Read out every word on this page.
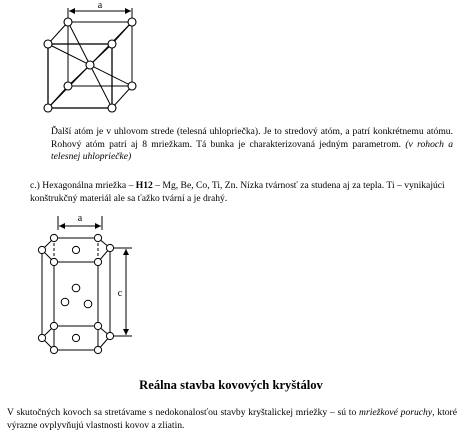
a

Ďalší atóm je v uhlovom strede (telesná uhlopriečka). Je to stredový atóm, a patrí konkrétnemu atómu. Rohový atóm patrí aj 8 mriežkam. Tá bunka je charakterizovaná jedným parametrom. (v rohoch a telesnej uhlopriečke)

c.) Hexagonálna mriežka – H12 – Mg, Be, Co, Ti, Zn. Nízka tvárnosť za studena aj za tepla. Ti – vynikajúci konštrukčný materiál ale sa ťažko tvární a je drahý.

a
c
Reálna stavba kovových kryštálov

V skutočných kovoch sa stretávame s nedokonalosťou stavby kryštalickej mriežky – sú to mriežkové poruchy, ktoré výrazne ovplyvňujú vlastnosti kovov a zliatin.
